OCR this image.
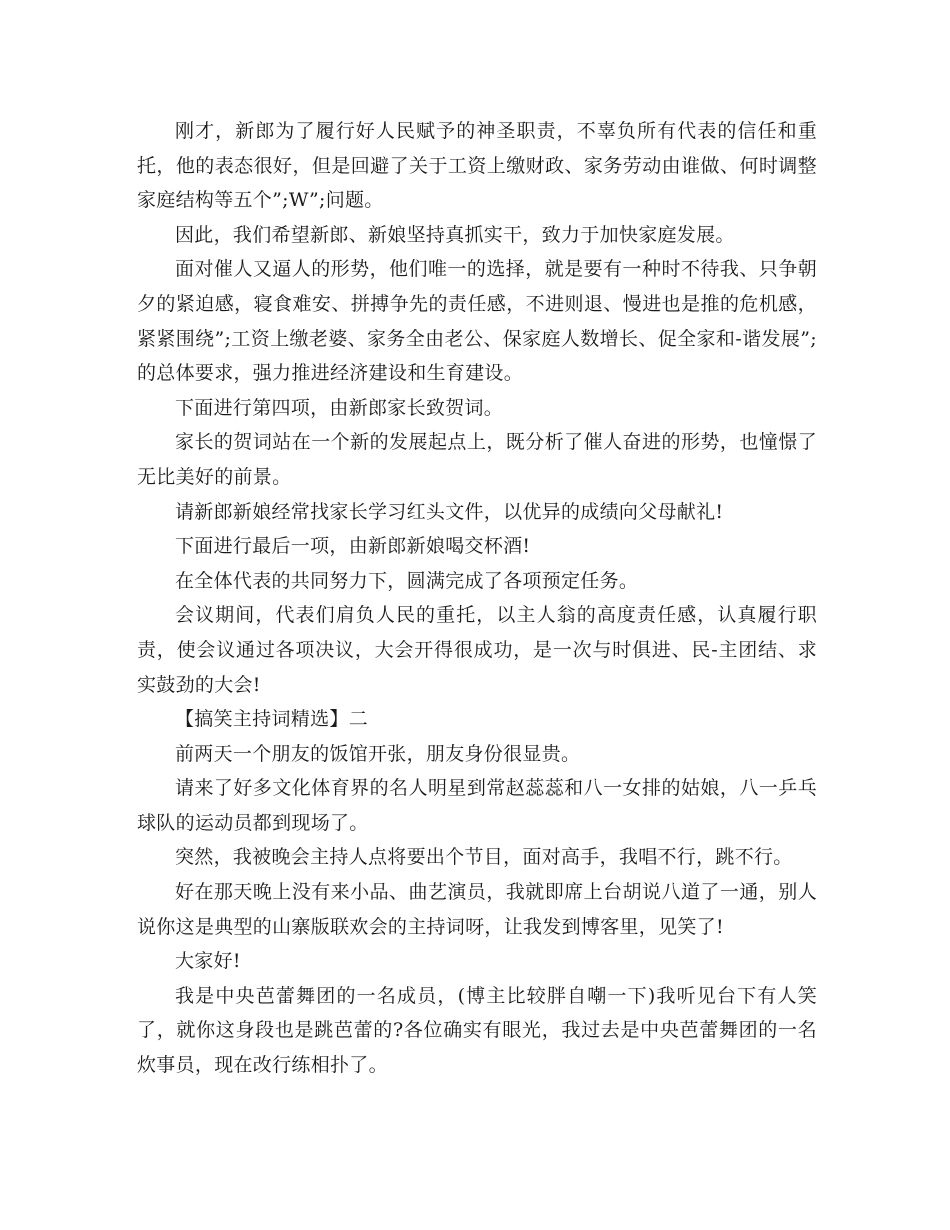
刚才，新郎为了履行好人民赋予的神圣职责，不辜负所有代表的信任和重托，他的表态很好，但是回避了关于工资上缴财政、家务劳动由谁做、何时调整家庭结构等五个”;W”;问题。

因此，我们希望新郎、新娘坚持真抓实干，致力于加快家庭发展。

面对催人又逼人的形势，他们唯一的选择，就是要有一种时不待我、只争朝夕的紧迫感，寝食难安、拼搏争先的责任感，不进则退、慢进也是推的危机感，紧紧围绕”;工资上缴老婆、家务全由老公、保家庭人数增长、促全家和-谐发展”;的总体要求，强力推进经济建设和生育建设。

下面进行第四项，由新郎家长致贺词。

家长的贺词站在一个新的发展起点上，既分析了催人奋进的形势，也憧憬了无比美好的前景。

请新郎新娘经常找家长学习红头文件，以优异的成绩向父母献礼!

下面进行最后一项，由新郎新娘喝交杯酒!

在全体代表的共同努力下，圆满完成了各项预定任务。

会议期间，代表们肩负人民的重托，以主人翁的高度责任感，认真履行职责，使会议通过各项决议，大会开得很成功，是一次与时俱进、民-主团结、求实鼓劲的大会!

【搞笑主持词精选】二

前两天一个朋友的饭馆开张，朋友身份很显贵。

请来了好多文化体育界的名人明星到常赵蕊蕊和八一女排的姑娘，八一乒乓球队的运动员都到现场了。

突然，我被晚会主持人点将要出个节目，面对高手，我唱不行，跳不行。

好在那天晚上没有来小品、曲艺演员，我就即席上台胡说八道了一通，别人说你这是典型的山寨版联欢会的主持词呀，让我发到博客里，见笑了!

大家好!

我是中央芭蕾舞团的一名成员，(博主比较胖自嘲一下)我听见台下有人笑了，就你这身段也是跳芭蕾的?各位确实有眼光，我过去是中央芭蕾舞团的一名炊事员，现在改行练相扑了。
